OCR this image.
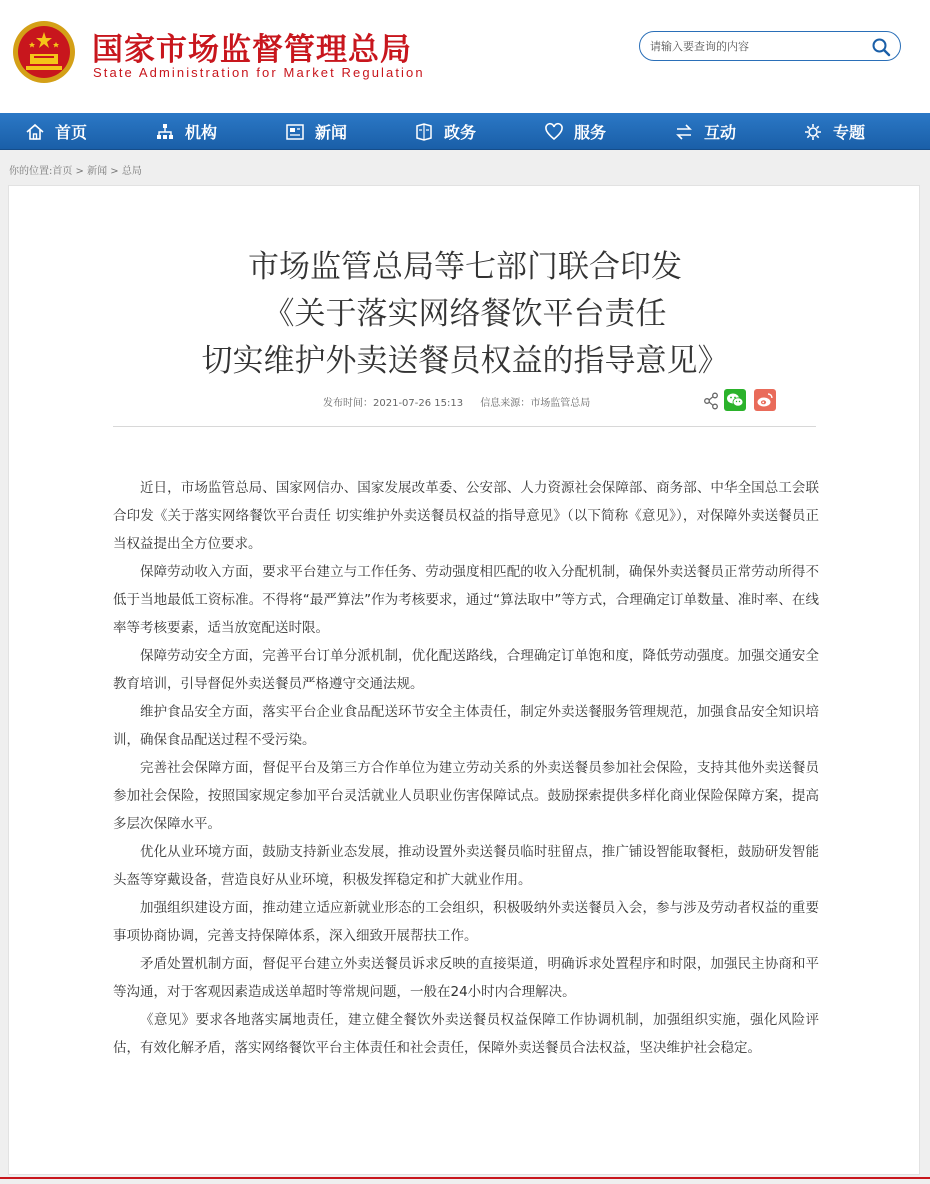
国家市场监督管理总局
State Administration for Market Regulation
请输入要查询的内容
首页	机构	新闻	政务	服务	互动	专题
你的位置:首页 > 新闻 > 总局
市场监管总局等七部门联合印发
《关于落实网络餐饮平台责任
切实维护外卖送餐员权益的指导意见》
发布时间：2021-07-26 15:13 信息来源：市场监管总局

近日，市场监管总局、国家网信办、国家发展改革委、公安部、人力资源社会保障部、商务部、中华全国总工会联合印发《关于落实网络餐饮平台责任 切实维护外卖送餐员权益的指导意见》（以下简称《意见》），对保障外卖送餐员正当权益提出全方位要求。

保障劳动收入方面，要求平台建立与工作任务、劳动强度相匹配的收入分配机制，确保外卖送餐员正常劳动所得不低于当地最低工资标准。不得将“最严算法”作为考核要求，通过“算法取中”等方式，合理确定订单数量、准时率、在线率等考核要素，适当放宽配送时限。

保障劳动安全方面，完善平台订单分派机制，优化配送路线，合理确定订单饱和度，降低劳动强度。加强交通安全教育培训，引导督促外卖送餐员严格遵守交通法规。

维护食品安全方面，落实平台企业食品配送环节安全主体责任，制定外卖送餐服务管理规范，加强食品安全知识培训，确保食品配送过程不受污染。

完善社会保障方面，督促平台及第三方合作单位为建立劳动关系的外卖送餐员参加社会保险，支持其他外卖送餐员参加社会保险，按照国家规定参加平台灵活就业人员职业伤害保障试点。鼓励探索提供多样化商业保险保障方案，提高多层次保障水平。

优化从业环境方面，鼓励支持新业态发展，推动设置外卖送餐员临时驻留点，推广铺设智能取餐柜，鼓励研发智能头盔等穿戴设备，营造良好从业环境，积极发挥稳定和扩大就业作用。

加强组织建设方面，推动建立适应新就业形态的工会组织，积极吸纳外卖送餐员入会，参与涉及劳动者权益的重要事项协商协调，完善支持保障体系，深入细致开展帮扶工作。

矛盾处置机制方面，督促平台建立外卖送餐员诉求反映的直接渠道，明确诉求处置程序和时限，加强民主协商和平等沟通，对于客观因素造成送单超时等常规问题，一般在24小时内合理解决。

《意见》要求各地落实属地责任，建立健全餐饮外卖送餐员权益保障工作协调机制，加强组织实施，强化风险评估，有效化解矛盾，落实网络餐饮平台主体责任和社会责任，保障外卖送餐员合法权益，坚决维护社会稳定。
